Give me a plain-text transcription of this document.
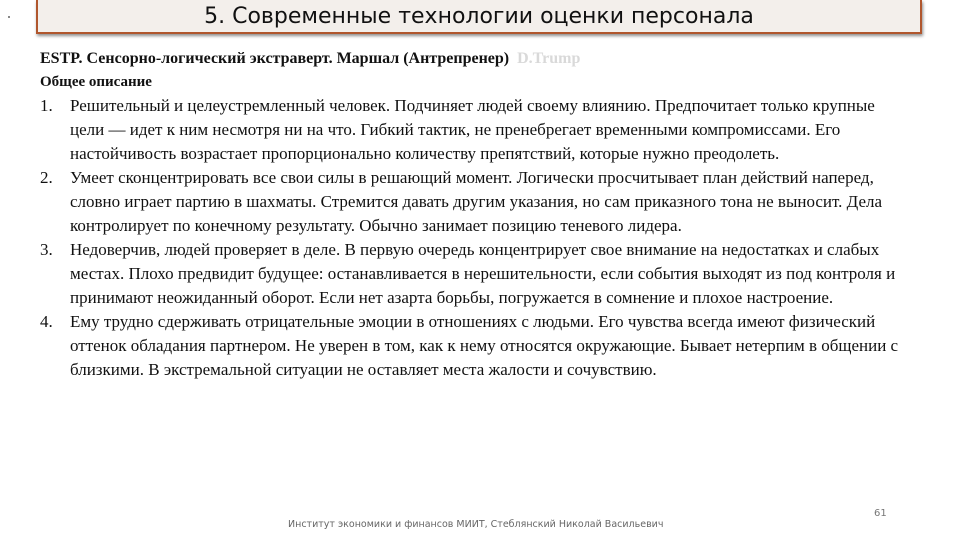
5. Современные технологии оценки персонала
ESTP. Сенсорно-логический экстраверт. Маршал (Антрепренер) D.Trump
Общее описание
1.	Решительный и целеустремленный человек. Подчиняет людей своему влиянию. Предпочитает только крупные цели — идет к ним несмотря ни на что. Гибкий тактик, не пренебрегает временными компромиссами. Его настойчивость возрастает пропорционально количеству препятствий, которые нужно преодолеть.
2.	Умеет сконцентрировать все свои силы в решающий момент. Логически просчитывает план действий наперед, словно играет партию в шахматы. Стремится давать другим указания, но сам приказного тона не выносит. Дела контролирует по конечному результату. Обычно занимает позицию теневого лидера.
3.	Недоверчив, людей проверяет в деле. В первую очередь концентрирует свое внимание на недостатках и слабых местах. Плохо предвидит будущее: останавливается в нерешительности, если события выходят из под контроля и принимают неожиданный оборот. Если нет азарта борьбы, погружается в сомнение и плохое настроение.
4.	Ему трудно сдерживать отрицательные эмоции в отношениях с людьми. Его чувства всегда имеют физический оттенок обладания партнером. Не уверен в том, как к нему относятся окружающие. Бывает нетерпим в общении с близкими. В экстремальной ситуации не оставляет места жалости и сочувствию.
Институт экономики и финансов МИИТ, Стеблянский Николай Васильевич
61
